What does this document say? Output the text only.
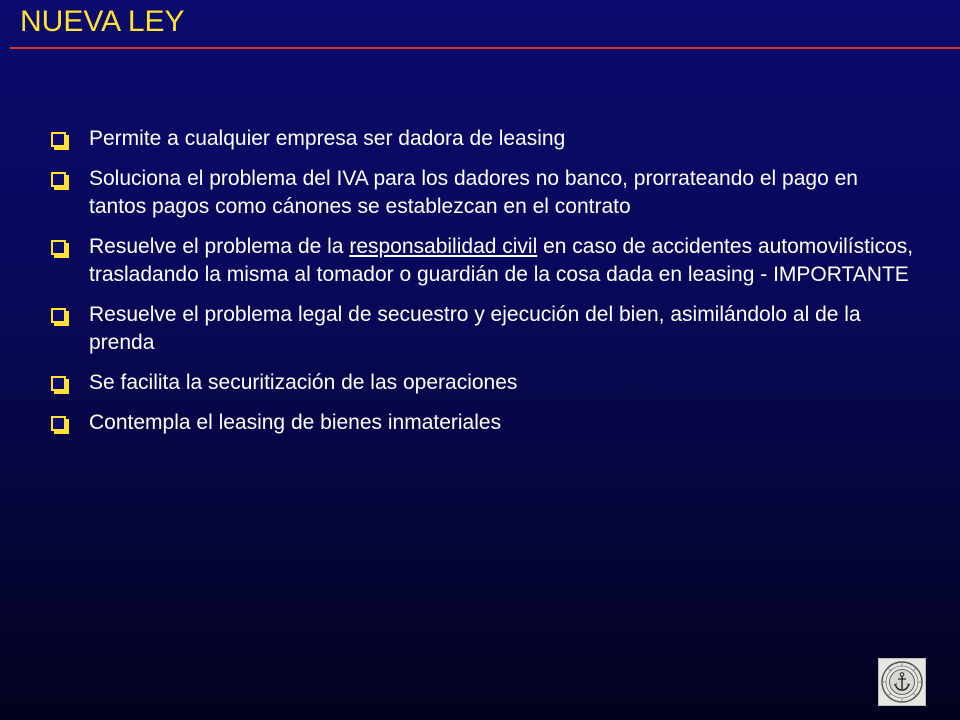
NUEVA LEY
Permite a cualquier empresa ser dadora de leasing
Soluciona el problema del IVA para los dadores no banco, prorrateando el pago en tantos pagos como cánones se establezcan en el contrato
Resuelve el problema de la responsabilidad civil en caso de accidentes automovilísticos, trasladando la misma al tomador o guardián de la cosa dada en leasing - IMPORTANTE
Resuelve el problema legal de secuestro y ejecución del bien, asimilándolo al de la prenda
Se facilita la securitización de las operaciones
Contempla el leasing de bienes inmateriales
